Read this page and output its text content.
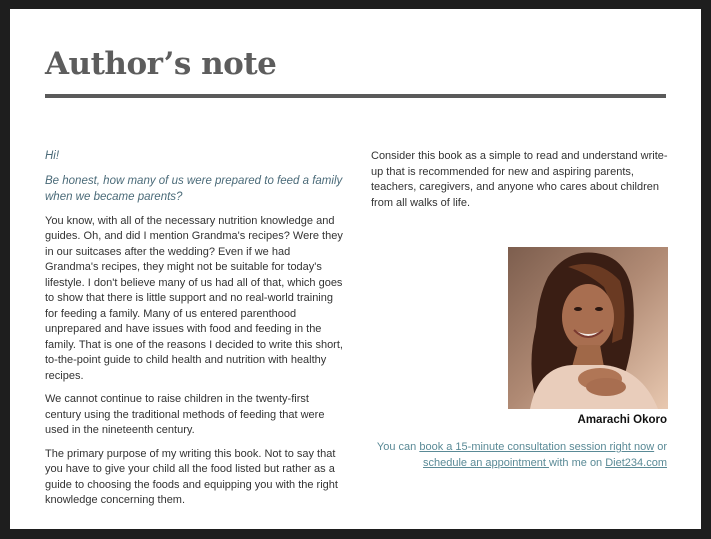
Author’s note

Hi!

Be honest, how many of us were prepared to feed a family when we became parents?

You know, with all of the necessary nutrition knowledge and guides. Oh, and did I mention Grandma's recipes? Were they in our suitcases after the wedding? Even if we had Grandma's recipes, they might not be suitable for today's lifestyle. I don't believe many of us had all of that, which goes to show that there is little support and no real-world training for feeding a family. Many of us entered parenthood unprepared and have issues with food and feeding in the family. That is one of the reasons I decided to write this short, to-the-point guide to child health and nutrition with healthy recipes.

We cannot continue to raise children in the twenty-first century using the traditional methods of feeding that were used in the nineteenth century.

The primary purpose of my writing this book. Not to say that you have to give your child all the food listed but rather as a guide to choosing the foods and equipping you with the right knowledge concerning them.

Consider this book as a simple to read and understand write-up that is recommended for new and aspiring parents, teachers, caregivers, and anyone who cares about children from all walks of life.

Amarachi Okoro
You can book a 15-minute consultation session right now or
schedule an appointment with me on Diet234.com
